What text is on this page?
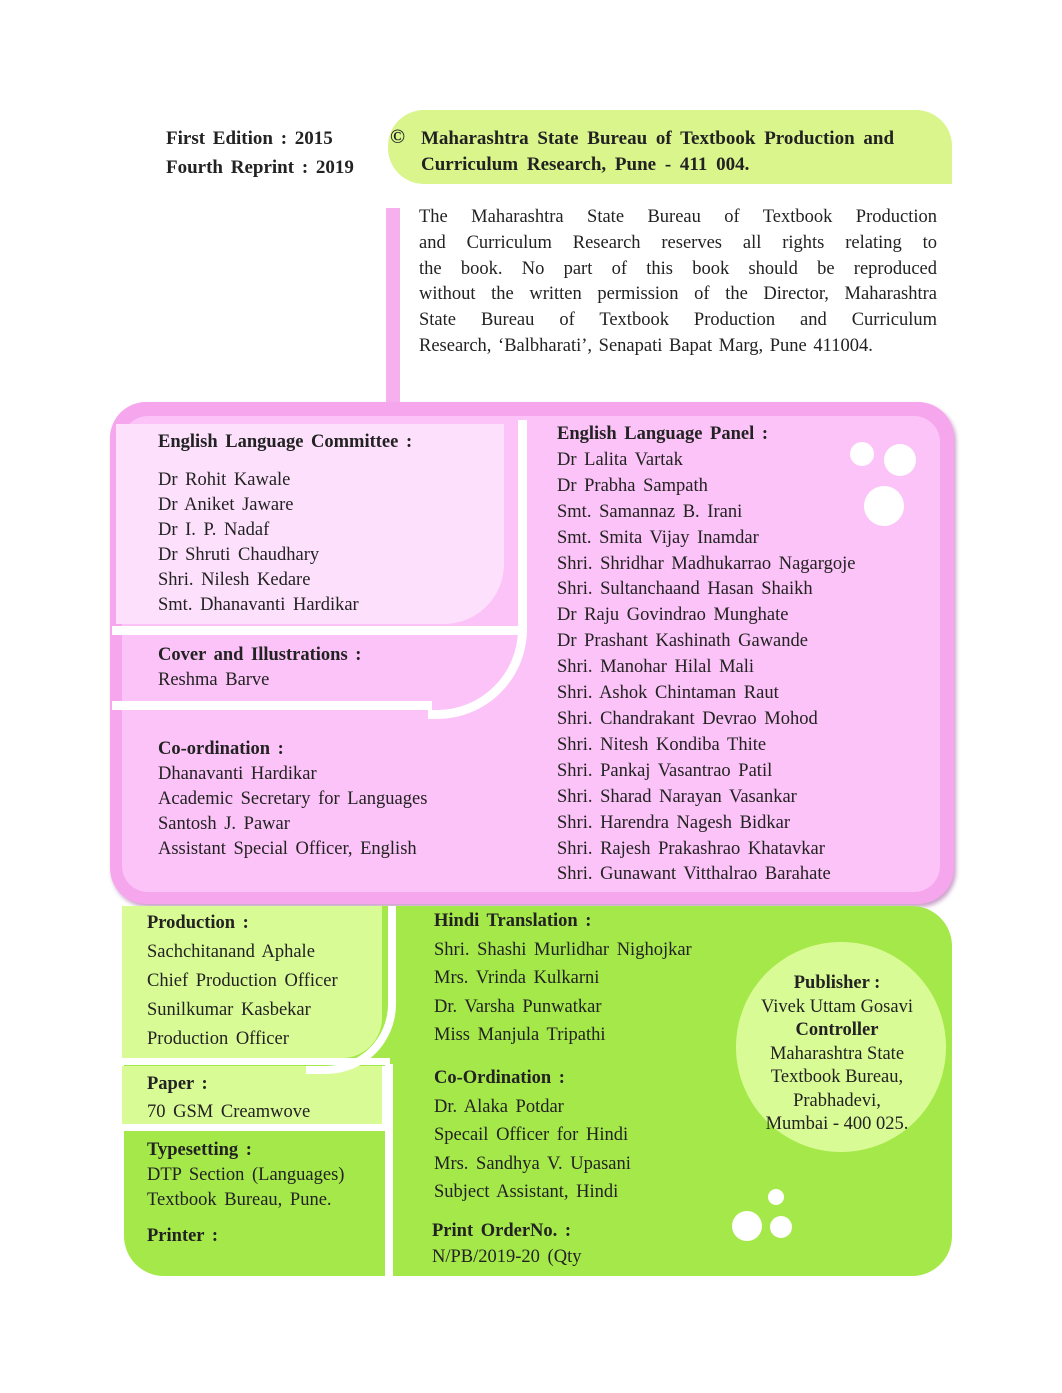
First Edition : 2015
Fourth Reprint : 2019
© Maharashtra State Bureau of Textbook Production and
Curriculum Research, Pune - 411 004.
The Maharashtra State Bureau of Textbook Production
and Curriculum Research reserves all rights relating to
the book. No part of this book should be reproduced
without the written permission of the Director, Maharashtra
State Bureau of Textbook Production and Curriculum
Research, ‘Balbharati’, Senapati Bapat Marg, Pune 411004.
English Language Committee :
Dr Rohit Kawale
Dr Aniket Jaware
Dr I. P. Nadaf
Dr Shruti Chaudhary
Shri. Nilesh Kedare
Smt. Dhanavanti Hardikar
Cover and Illustrations :
Reshma Barve
Co-ordination :
Dhanavanti Hardikar
Academic Secretary for Languages
Santosh J. Pawar
Assistant Special Officer, English
English Language Panel :
Dr Lalita Vartak
Dr Prabha Sampath
Smt. Samannaz B. Irani
Smt. Smita Vijay Inamdar
Shri. Shridhar Madhukarrao Nagargoje
Shri. Sultanchaand Hasan Shaikh
Dr Raju Govindrao Munghate
Dr Prashant Kashinath Gawande
Shri. Manohar Hilal Mali
Shri. Ashok Chintaman Raut
Shri. Chandrakant Devrao Mohod
Shri. Nitesh Kondiba Thite
Shri. Pankaj Vasantrao Patil
Shri. Sharad Narayan Vasankar
Shri. Harendra Nagesh Bidkar
Shri. Rajesh Prakashrao Khatavkar
Shri. Gunawant Vitthalrao Barahate
Production :
Sachchitanand Aphale
Chief Production Officer
Sunilkumar Kasbekar
Production Officer
Paper :
70 GSM Creamwove
Typesetting :
DTP Section (Languages)
Textbook Bureau, Pune.
Printer :
Hindi Translation :
Shri. Shashi Murlidhar Nighojkar
Mrs. Vrinda Kulkarni
Dr. Varsha Punwatkar
Miss Manjula Tripathi
Co-Ordination :
Dr. Alaka Potdar
Specail Officer for Hindi
Mrs. Sandhya V. Upasani
Subject Assistant, Hindi
Print OrderNo. :
N/PB/2019-20 (Qty
Publisher :
Vivek Uttam Gosavi
Controller
Maharashtra State
Textbook Bureau,
Prabhadevi,
Mumbai - 400 025.
